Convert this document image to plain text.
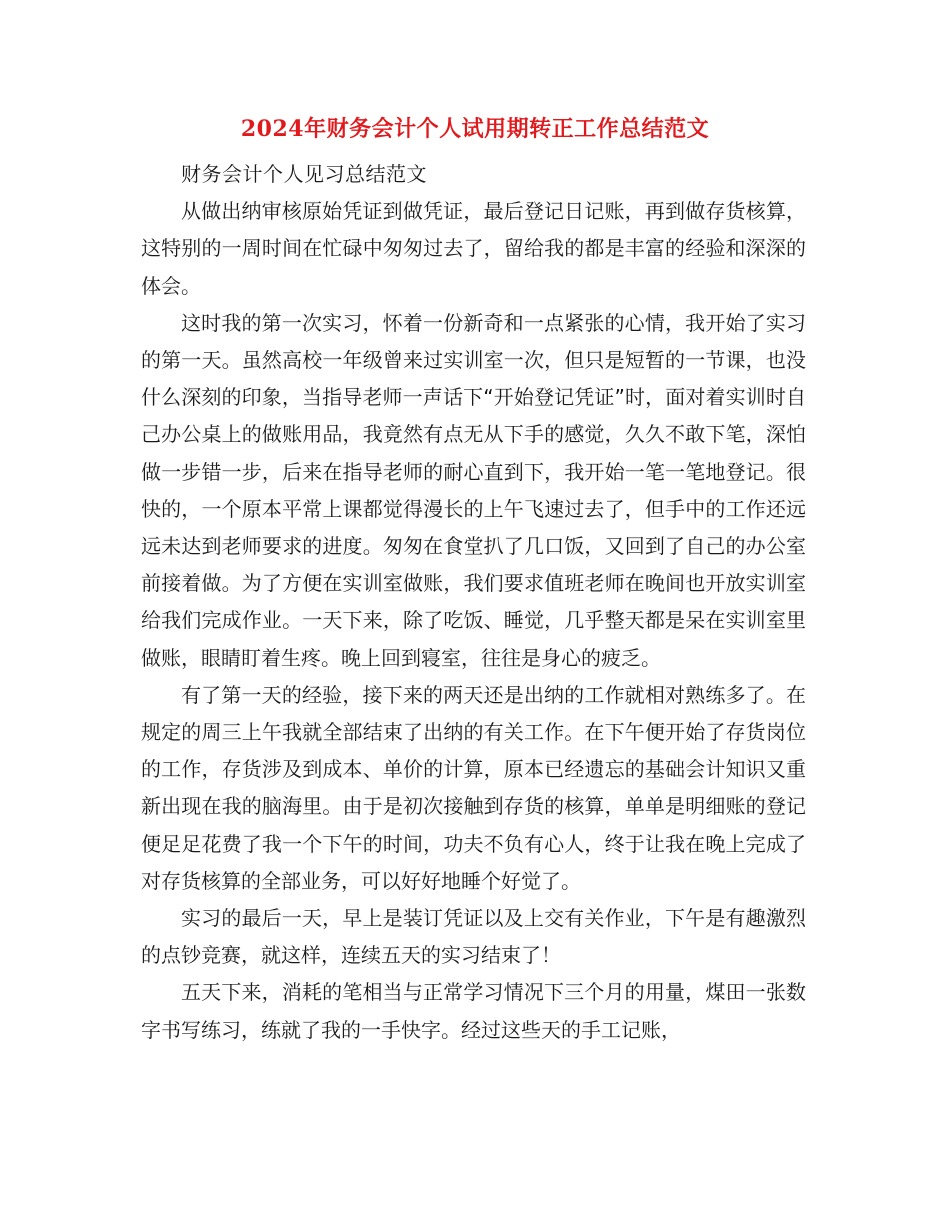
2024年财务会计个人试用期转正工作总结范文

财务会计个人见习总结范文

从做出纳审核原始凭证到做凭证，最后登记日记账，再到做存货核算，这特别的一周时间在忙碌中匆匆过去了，留给我的都是丰富的经验和深深的体会。

这时我的第一次实习，怀着一份新奇和一点紧张的心情，我开始了实习的第一天。虽然高校一年级曾来过实训室一次，但只是短暂的一节课，也没什么深刻的印象，当指导老师一声话下“开始登记凭证”时，面对着实训时自己办公桌上的做账用品，我竟然有点无从下手的感觉，久久不敢下笔，深怕做一步错一步，后来在指导老师的耐心直到下，我开始一笔一笔地登记。很快的，一个原本平常上课都觉得漫长的上午飞速过去了，但手中的工作还远远未达到老师要求的进度。匆匆在食堂扒了几口饭，又回到了自己的办公室前接着做。为了方便在实训室做账，我们要求值班老师在晚间也开放实训室给我们完成作业。一天下来，除了吃饭、睡觉，几乎整天都是呆在实训室里做账，眼睛盯着生疼。晚上回到寝室，往往是身心的疲乏。

有了第一天的经验，接下来的两天还是出纳的工作就相对熟练多了。在规定的周三上午我就全部结束了出纳的有关工作。在下午便开始了存货岗位的工作，存货涉及到成本、单价的计算，原本已经遗忘的基础会计知识又重新出现在我的脑海里。由于是初次接触到存货的核算，单单是明细账的登记便足足花费了我一个下午的时间，功夫不负有心人，终于让我在晚上完成了对存货核算的全部业务，可以好好地睡个好觉了。

实习的最后一天，早上是装订凭证以及上交有关作业，下午是有趣激烈的点钞竞赛，就这样，连续五天的实习结束了！

五天下来，消耗的笔相当与正常学习情况下三个月的用量，煤田一张数字书写练习，练就了我的一手快字。经过这些天的手工记账，
